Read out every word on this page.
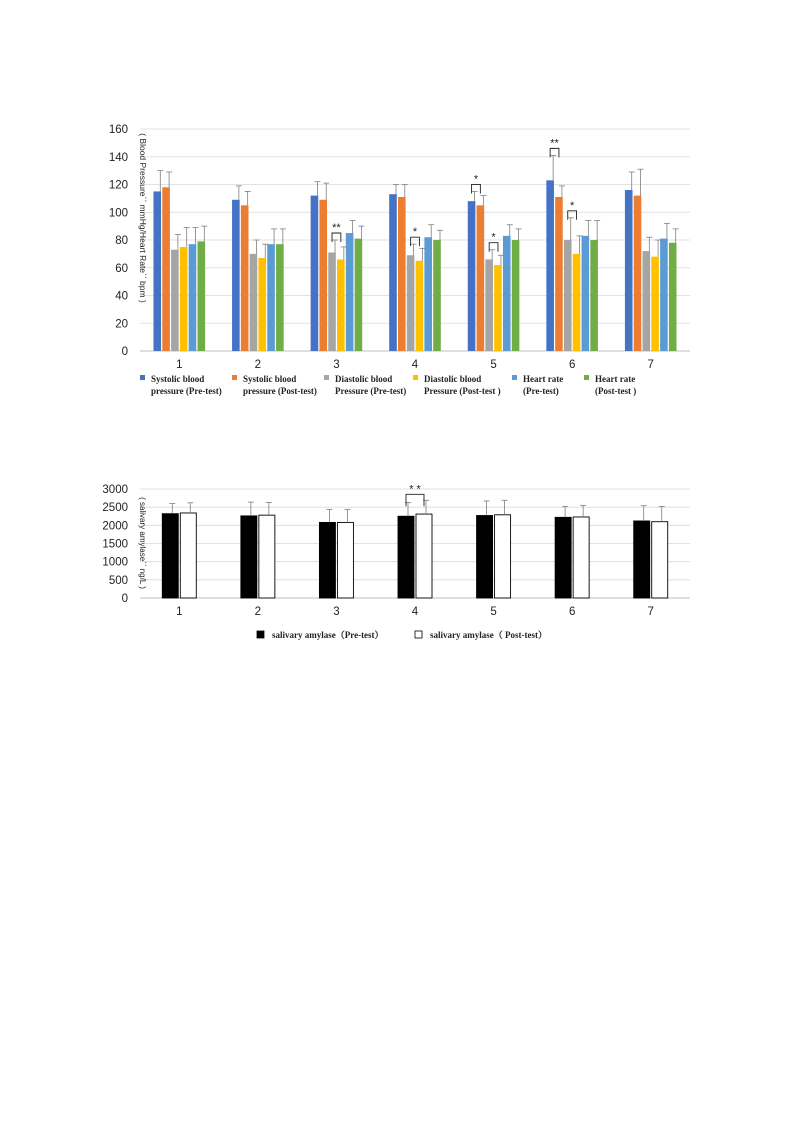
0
20
40
60
80
100
120
140
160
1	2	3	4	5	6	7
**	*
*
*
**
*
( Blood Pressureˊˊ mmHg/Heart Rateˊˊ bpm )
Systolic blood
pressure (Pre-test)
Systolic blood
pressure (Post-test)
Diastolic blood
Pressure (Pre-test)
Diastolic blood
Pressure (Post-test )
Heart rate
(Pre-test)
Heart rate
(Post-test )
0
500
1000
1500
2000
2500
3000
1	2	3	4	5	6	7
* *
( salivary amylaseˊˊ ng/L )
salivary amylase（Pre-test）	salivary amylase（ Post-test）
